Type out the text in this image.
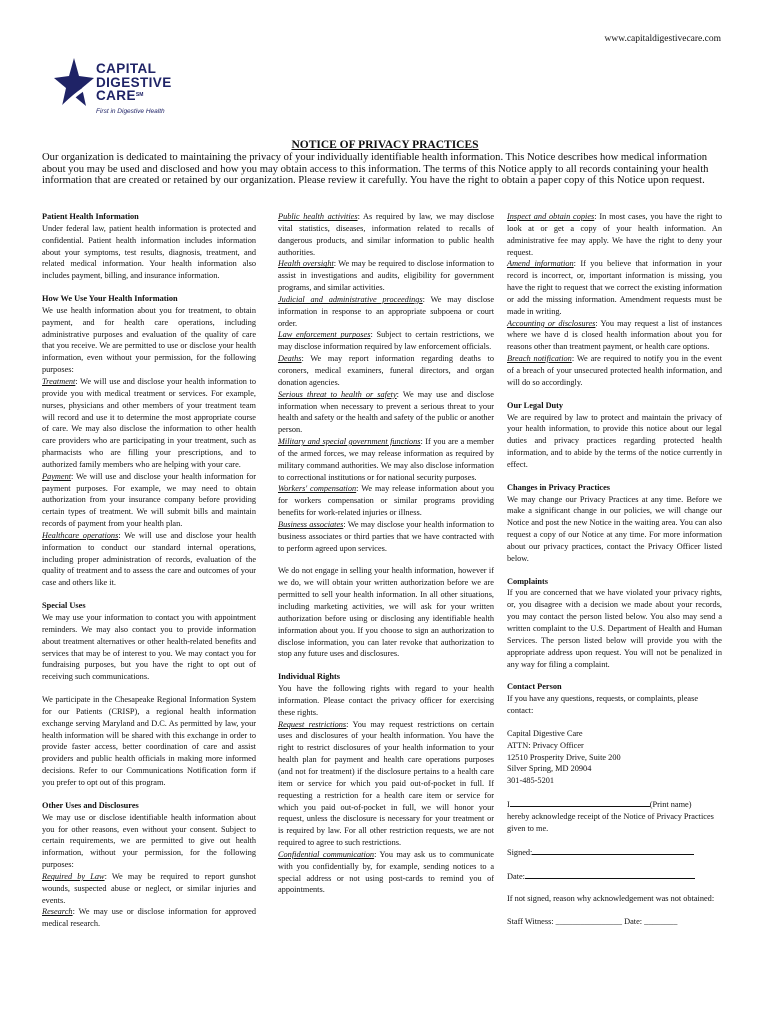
www.capitaldigestivecare.com
CAPITAL
DIGESTIVE
CARE℠
First in Digestive Health
NOTICE OF PRIVACY PRACTICES
Our organization is dedicated to maintaining the privacy of your individually identifiable health information. This Notice describes how medical information about you may be used and disclosed and how you may obtain access to this information. The terms of this Notice apply to all records containing your health information that are created or retained by our organization. Please review it carefully. You have the right to obtain a paper copy of this Notice upon request.

Patient Health Information

Under federal law, patient health information is protected and confidential. Patient health information includes information about your symptoms, test results, diagnosis, treatment, and related medical information. Your health information also includes payment, billing, and insurance information.

How We Use Your Health Information

We use health information about you for treatment, to obtain payment, and for health care operations, including administrative purposes and evaluation of the quality of care that you receive. We are permitted to use or disclose your health information, even without your permission, for the following purposes:

Treatment: We will use and disclose your health information to provide you with medical treatment or services. For example, nurses, physicians and other members of your treatment team will record and use it to determine the most appropriate course of care. We may also disclose the information to other health care providers who are participating in your treatment, such as pharmacists who are filling your prescriptions, and to authorized family members who are helping with your care.

Payment: We will use and disclose your health information for payment purposes. For example, we may need to obtain authorization from your insurance company before providing certain types of treatment. We will submit bills and maintain records of payment from your health plan.

Healthcare operations: We will use and disclose your health information to conduct our standard internal operations, including proper administration of records, evaluation of the quality of treatment and to assess the care and outcomes of your case and others like it.

Special Uses

We may use your information to contact you with appointment reminders. We may also contact you to provide information about treatment alternatives or other health-related benefits and services that may be of interest to you. We may contact you for fundraising purposes, but you have the right to opt out of receiving such communications.

We participate in the Chesapeake Regional Information System for our Patients (CRISP), a regional health information exchange serving Maryland and D.C. As permitted by law, your health information will be shared with this exchange in order to provide faster access, better coordination of care and assist providers and public health officials in making more informed decisions. Refer to our Communications Notification form if you prefer to opt out of this program.

Other Uses and Disclosures

We may use or disclose identifiable health information about you for other reasons, even without your consent. Subject to certain requirements, we are permitted to give out health information, without your permission, for the following purposes:

Required by Law: We may be required to report gunshot wounds, suspected abuse or neglect, or similar injuries and events.

Research: We may use or disclose information for approved medical research.

Public health activities: As required by law, we may disclose vital statistics, diseases, information related to recalls of dangerous products, and similar information to public health authorities.

Health oversight: We may be required to disclose information to assist in investigations and audits, eligibility for government programs, and similar activities.

Judicial and administrative proceedings: We may disclose information in response to an appropriate subpoena or court order.

Law enforcement purposes: Subject to certain restrictions, we may disclose information required by law enforcement officials.

Deaths: We may report information regarding deaths to coroners, medical examiners, funeral directors, and organ donation agencies.

Serious threat to health or safety: We may use and disclose information when necessary to prevent a serious threat to your health and safety or the health and safety of the public or another person.

Military and special government functions: If you are a member of the armed forces, we may release information as required by military command authorities. We may also disclose information to correctional institutions or for national security purposes.

Workers' compensation: We may release information about you for workers compensation or similar programs providing benefits for work-related injuries or illness.

Business associates: We may disclose your health information to business associates or third parties that we have contracted with to perform agreed upon services.

We do not engage in selling your health information, however if we do, we will obtain your written authorization before we are permitted to sell your health information. In all other situations, including marketing activities, we will ask for your written authorization before using or disclosing any identifiable health information about you. If you choose to sign an authorization to disclose information, you can later revoke that authorization to stop any future uses and disclosures.

Individual Rights

You have the following rights with regard to your health information. Please contact the privacy officer for exercising these rights.

Request restrictions: You may request restrictions on certain uses and disclosures of your health information. You have the right to restrict disclosures of your health information to your health plan for payment and health care operations purposes (and not for treatment) if the disclosure pertains to a health care item or service for which you paid out-of-pocket in full. If requesting a restriction for a health care item or service for which you paid out-of-pocket in full, we will honor your request, unless the disclosure is necessary for your treatment or is required by law. For all other restriction requests, we are not required to agree to such restrictions.

Confidential communication: You may ask us to communicate with you confidentially by, for example, sending notices to a special address or not using post-cards to remind you of appointments.

Inspect and obtain copies: In most cases, you have the right to look at or get a copy of your health information. An administrative fee may apply. We have the right to deny your request.

Amend information: If you believe that information in your record is incorrect, or, important information is missing, you have the right to request that we correct the existing information or add the missing information. Amendment requests must be made in writing.

Accounting or disclosures: You may request a list of instances where we have d is closed health information about you for reasons other than treatment payment, or health care options.

Breach notification: We are required to notify you in the event of a breach of your unsecured protected health information, and will do so accordingly.

Our Legal Duty

We are required by law to protect and maintain the privacy of your health information, to provide this notice about our legal duties and privacy practices regarding protected health information, and to abide by the terms of the notice currently in effect.

Changes in Privacy Practices

We may change our Privacy Practices at any time. Before we make a significant change in our policies, we will change our Notice and post the new Notice in the waiting area. You can also request a copy of our Notice at any time. For more information about our privacy practices, contact the Privacy Officer listed below.

Complaints

If you are concerned that we have violated your privacy rights, or, you disagree with a decision we made about your records, you may contact the person listed below. You also may send a written complaint to the U.S. Department of Health and Human Services. The person listed below will provide you with the appropriate address upon request. You will not be penalized in any way for filing a complaint.

Contact Person

If you have any questions, requests, or complaints, please contact:

Capital Digestive Care

ATTN: Privacy Officer

12510 Prosperity Drive, Suite 200

Silver Spring, MD 20904

301-485-5201

I	(Print name)

hereby acknowledge receipt of the Notice of Privacy Practices given to me.

Signed:

Date:

If not signed, reason why acknowledgement was not obtained:

Staff Witness: ________________ Date: ________
